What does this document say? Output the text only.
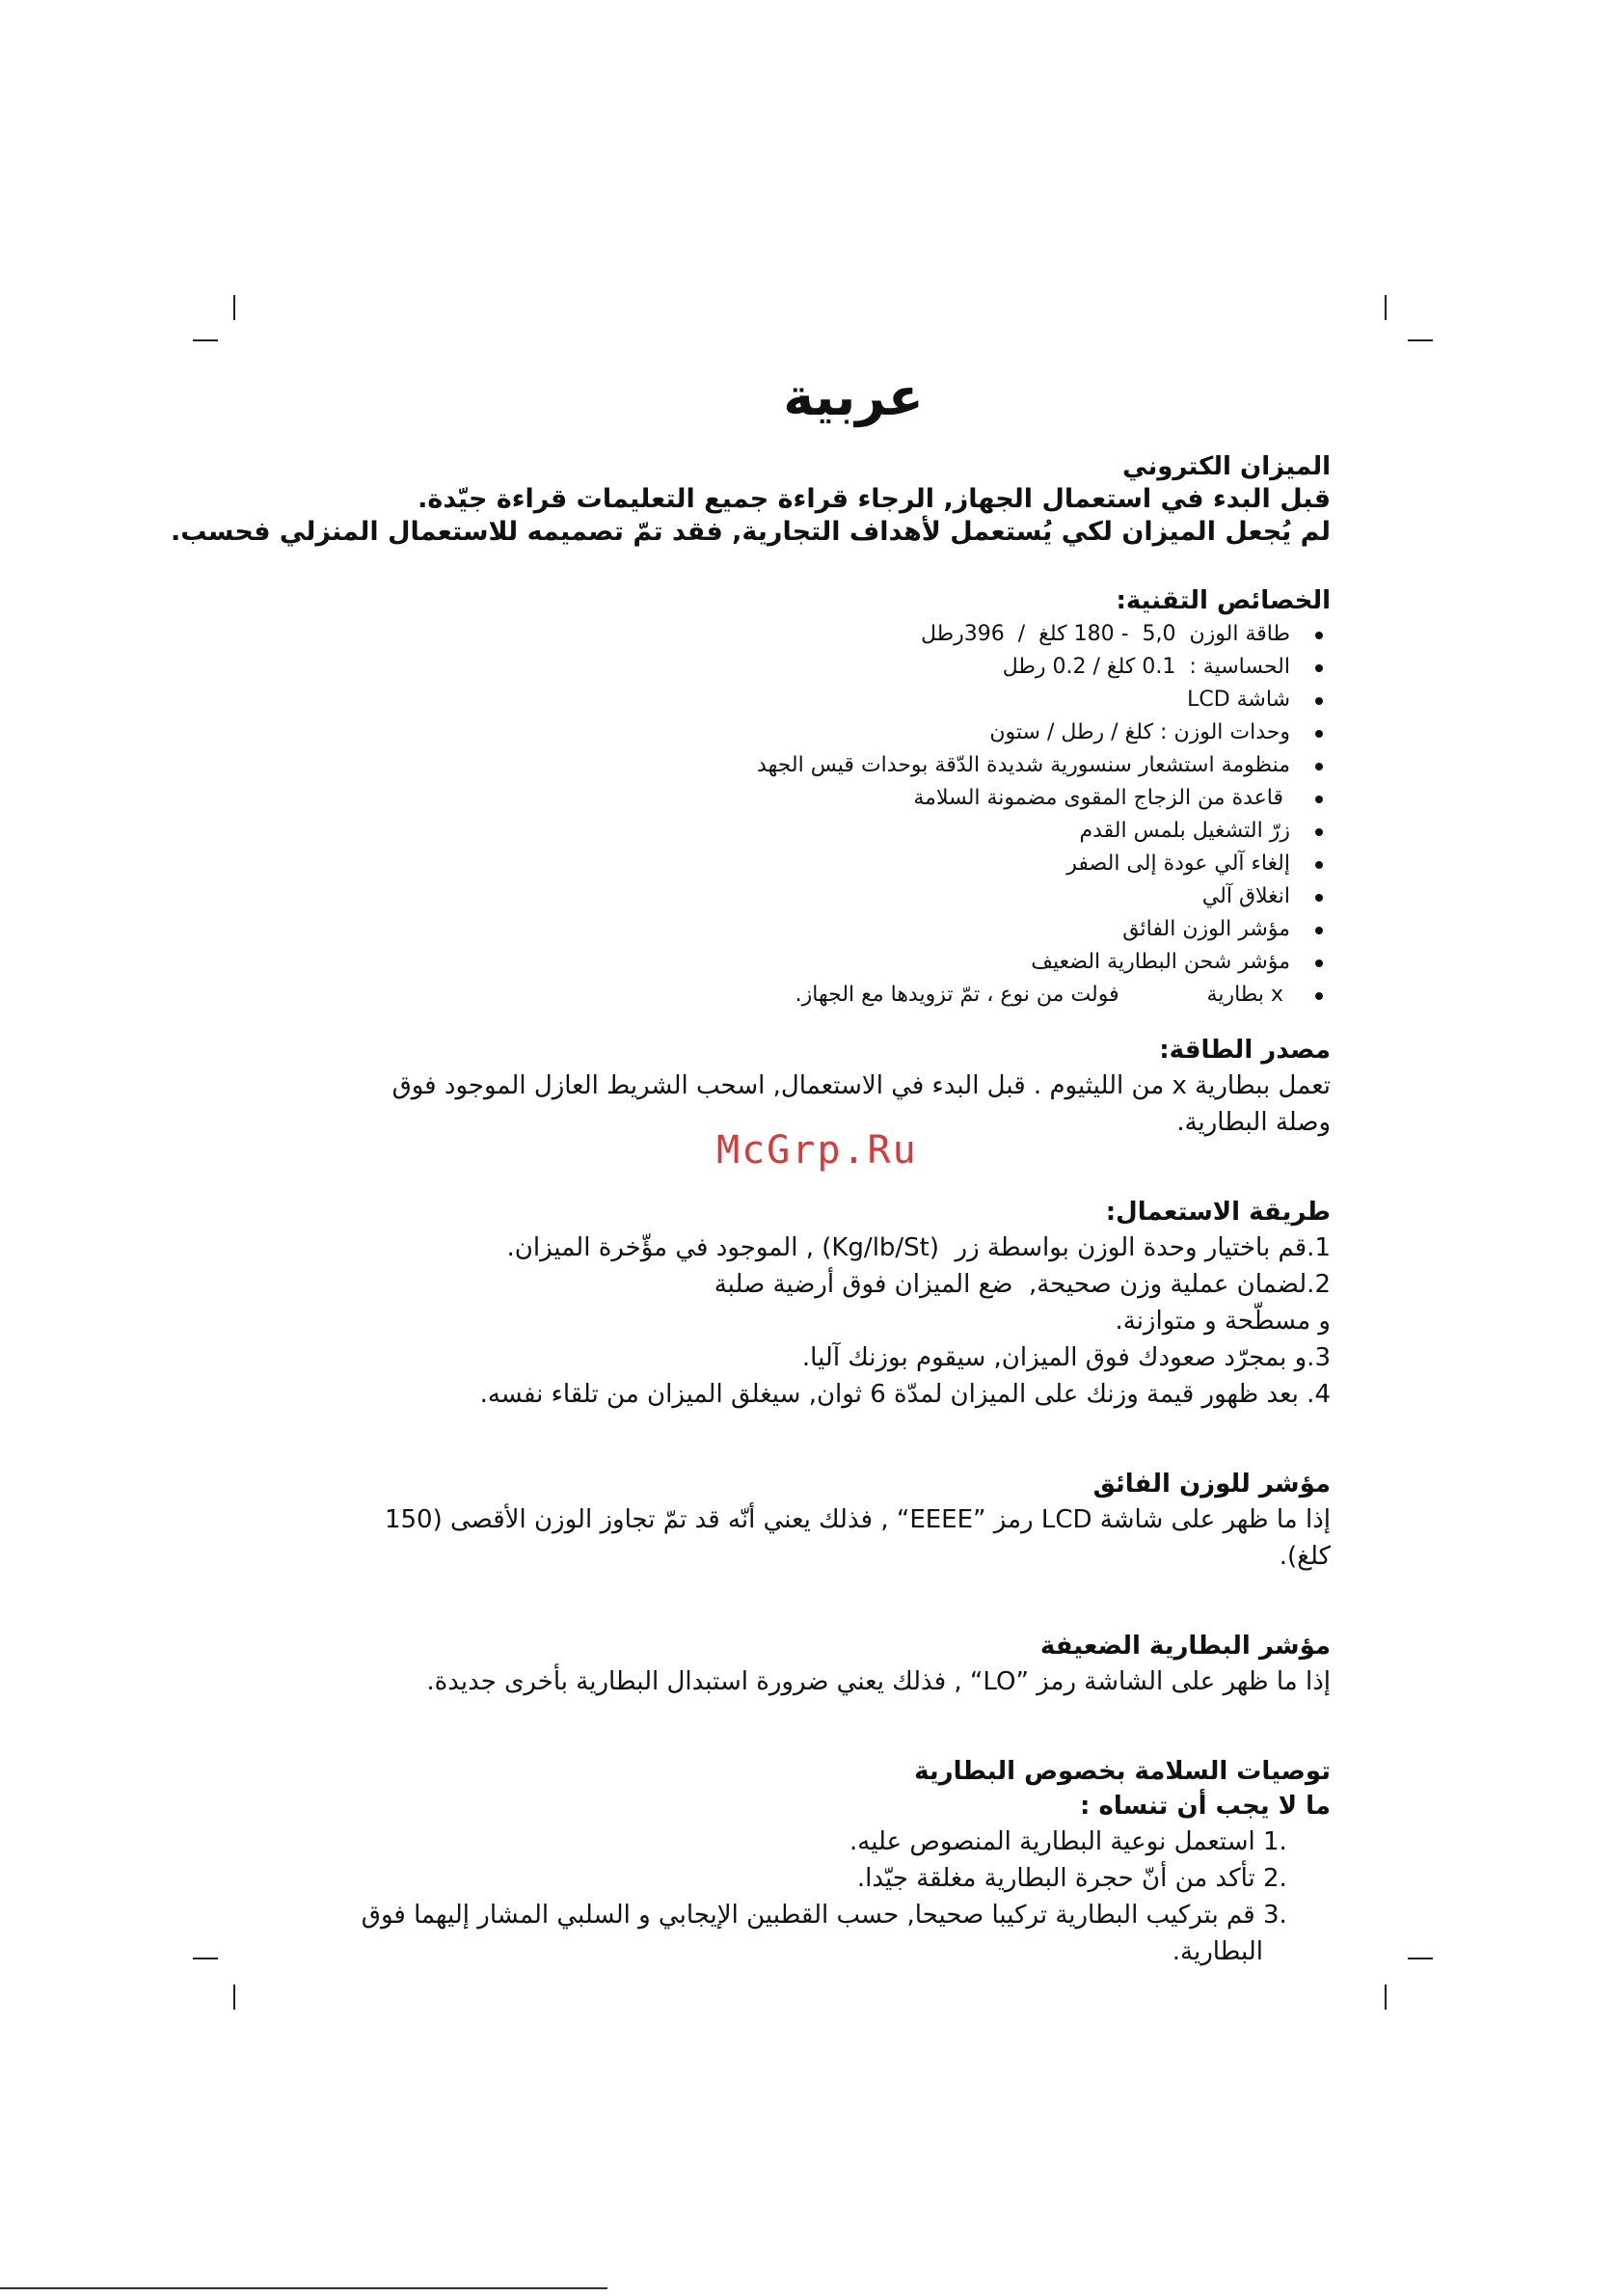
McGrp.Ru
عربية
الميزان الكتروني
قبل البدء في استعمال الجهاز, الرجاء قراءة جميع التعليمات قراءة جيّدة.
لم يُجعل الميزان لكي يُستعمل لأهداف التجارية, فقد تمّ تصميمه للاستعمال المنزلي فحسب.
الخصائص التقنية:
طاقة الوزن  5,0  - 180 كلغ  /  396رطل
الحساسية :  0.1 كلغ / 0.2 رطل
شاشة LCD
وحدات الوزن : كلغ / رطل / ستون
منظومة استشعار سنسورية شديدة الدّقة بوحدات قيس الجهد
قاعدة من الزجاج المقوى مضمونة السلامة
زرّ التشغيل بلمس القدم
إلغاء آلي عودة إلى الصفر
انغلاق آلي
مؤشر الوزن الفائق
مؤشر شحن البطارية الضعيف
x بطارية             فولت من نوع ، تمّ تزويدها مع الجهاز.
مصدر الطاقة:
تعمل ببطارية x من الليثيوم . قبل البدء في الاستعمال, اسحب الشريط العازل الموجود فوق
وصلة البطارية.
طريقة الاستعمال:
1.قم باختيار وحدة الوزن بواسطة زر  (Kg/lb/St) , الموجود في مؤّخرة الميزان.
2.لضمان عملية وزن صحيحة,  ضع الميزان فوق أرضية صلبة
و مسطّحة و متوازنة.
3.و بمجرّد صعودك فوق الميزان, سيقوم بوزنك آليا.
4. بعد ظهور قيمة وزنك على الميزان لمدّة 6 ثوان, سيغلق الميزان من تلقاء نفسه.
مؤشر للوزن الفائق
إذا ما ظهر على شاشة LCD رمز ”EEEE“ , فذلك يعني أنّه قد تمّ تجاوز الوزن الأقصى (150
كلغ).
مؤشر البطارية الضعيفة
إذا ما ظهر على الشاشة رمز ”LO“ , فذلك يعني ضرورة استبدال البطارية بأخرى جديدة.
توصيات السلامة بخصوص البطارية
ما لا يجب أن تنساه :
1. استعمل نوعية البطارية المنصوص عليه.
2. تأكد من أنّ حجرة البطارية مغلقة جيّدا.
3. قم بتركيب البطارية تركيبا صحيحا, حسب القطبين الإيجابي و السلبي المشار إليهما فوق
البطارية.
